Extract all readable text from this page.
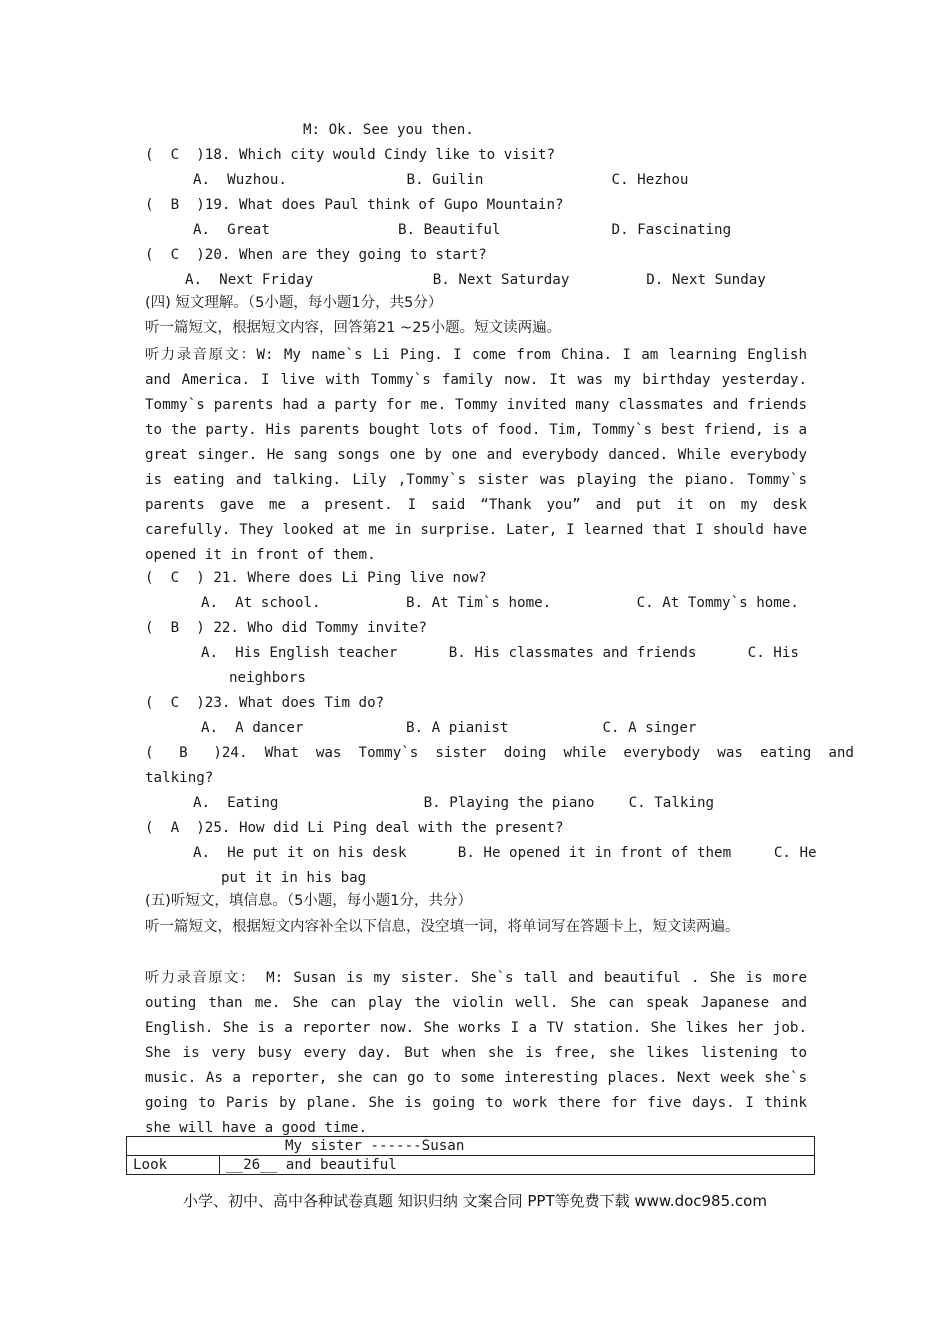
M: Ok. See you then.
(  C  )18. Which city would Cindy like to visit?
A.  Wuzhou.              B. Guilin               C. Hezhou
(  B  )19. What does Paul think of Gupo Mountain?
A.  Great               B. Beautiful             D. Fascinating
(  C  )20. When are they going to start?
A.  Next Friday              B. Next Saturday         D. Next Sunday
(四) 短文理解。（5小题，每小题1分，共5分）
听一篇短文，根据短文内容，回答第21 ~25小题。短文读两遍。
听力录音原文：W: My name`s Li Ping. I come from China. I am learning English and America. I live with Tommy`s family now. It was my birthday yesterday. Tommy`s parents had a party for me. Tommy invited many classmates and friends to the party. His parents bought lots of food. Tim, Tommy`s best friend, is a great singer. He sang songs one by one and everybody danced. While everybody is eating and talking. Lily ,Tommy`s sister was playing the piano. Tommy`s parents gave me a present. I said “Thank you” and put it on my desk carefully. They looked at me in surprise. Later, I learned that I should have opened it in front of them.
(  C  ) 21. Where does Li Ping live now?
A.  At school.          B. At Tim`s home.          C. At Tommy`s home.
(  B  ) 22. Who did Tommy invite?
A.  His English teacher      B. His classmates and friends      C. His
neighbors
(  C  )23. What does Tim do?
A.  A dancer            B. A pianist           C. A singer
(   B   )24.  What  was  Tommy`s  sister  doing  while  everybody  was  eating  and
talking?
A.  Eating                 B. Playing the piano    C. Talking
(  A  )25. How did Li Ping deal with the present?
A.  He put it on his desk      B. He opened it in front of them     C. He
put it in his bag
(五)听短文，填信息。（5小题，每小题1分，共分）
听一篇短文，根据短文内容补全以下信息，没空填一词，将单词写在答题卡上，短文读两遍。
听力录音原文： M: Susan is my sister. She`s tall and beautiful . She is more outing than me. She can play the violin well. She can speak Japanese and English. She is a reporter now. She works I a TV station. She likes her job. She is very busy every day. But when she is free, she likes listening to music. As a reporter, she can go to some interesting places. Next week she`s going to Paris by plane. She is going to work there for five days. I think she will have a good time.
My sister ------Susan
Look	__26__ and beautiful
小学、初中、高中各种试卷真题 知识归纳 文案合同 PPT等免费下载 www.doc985.com
